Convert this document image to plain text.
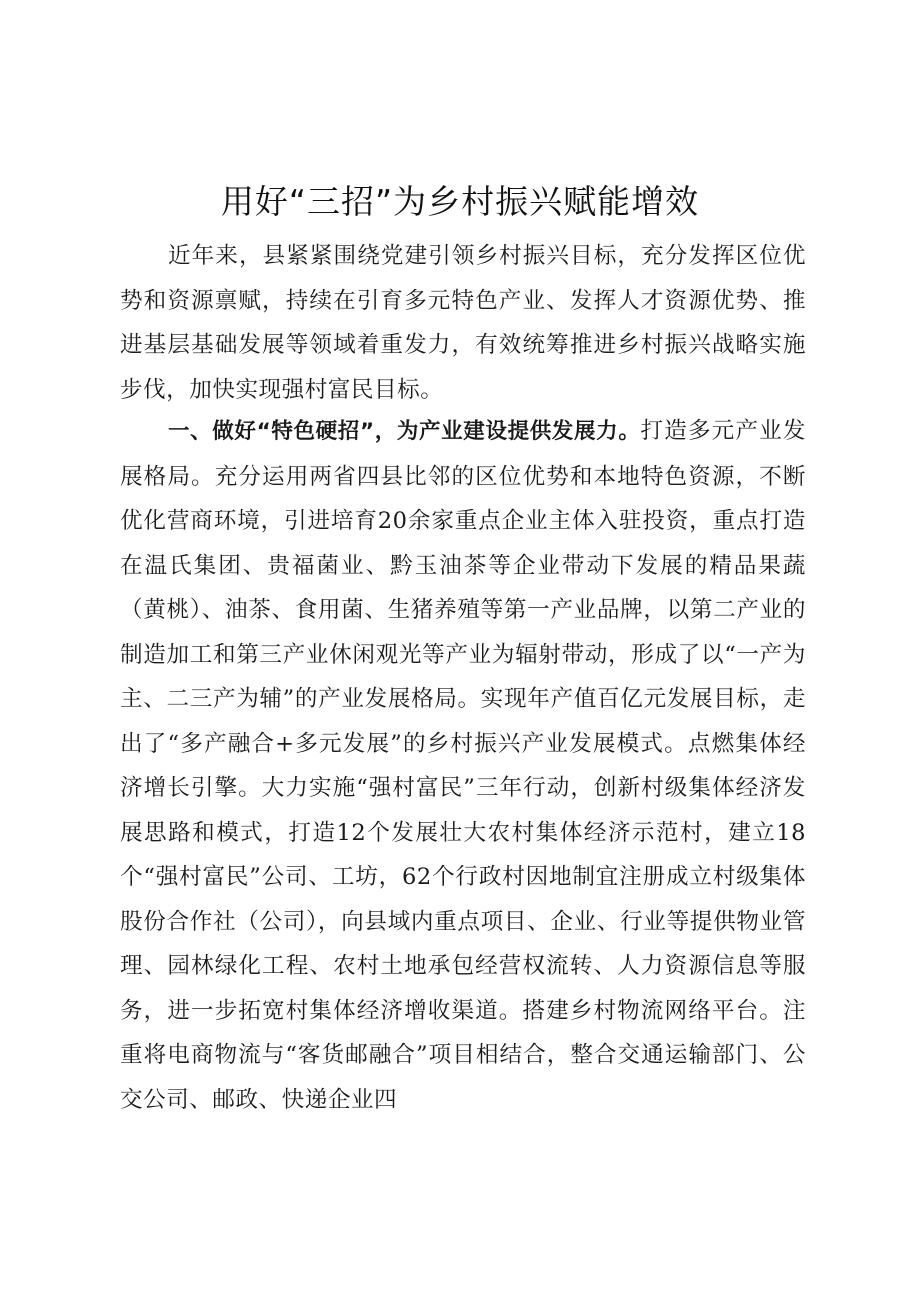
用好“三招”为乡村振兴赋能增效

近年来，县紧紧围绕党建引领乡村振兴目标，充分发挥区位优势和资源禀赋，持续在引育多元特色产业、发挥人才资源优势、推进基层基础发展等领域着重发力，有效统筹推进乡村振兴战略实施步伐，加快实现强村富民目标。

一、做好“特色硬招”，为产业建设提供发展力。打造多元产业发展格局。充分运用两省四县比邻的区位优势和本地特色资源，不断优化营商环境，引进培育20余家重点企业主体入驻投资，重点打造在温氏集团、贵福菌业、黔玉油茶等企业带动下发展的精品果蔬（黄桃）、油茶、食用菌、生猪养殖等第一产业品牌，以第二产业的制造加工和第三产业休闲观光等产业为辐射带动，形成了以“一产为主、二三产为辅”的产业发展格局。实现年产值百亿元发展目标，走出了“多产融合+多元发展”的乡村振兴产业发展模式。点燃集体经济增长引擎。大力实施“强村富民”三年行动，创新村级集体经济发展思路和模式，打造12个发展壮大农村集体经济示范村，建立18个“强村富民”公司、工坊，62个行政村因地制宜注册成立村级集体股份合作社（公司），向县域内重点项目、企业、行业等提供物业管理、园林绿化工程、农村土地承包经营权流转、人力资源信息等服务，进一步拓宽村集体经济增收渠道。搭建乡村物流网络平台。注重将电商物流与“客货邮融合”项目相结合，整合交通运输部门、公交公司、邮政、快递企业四
